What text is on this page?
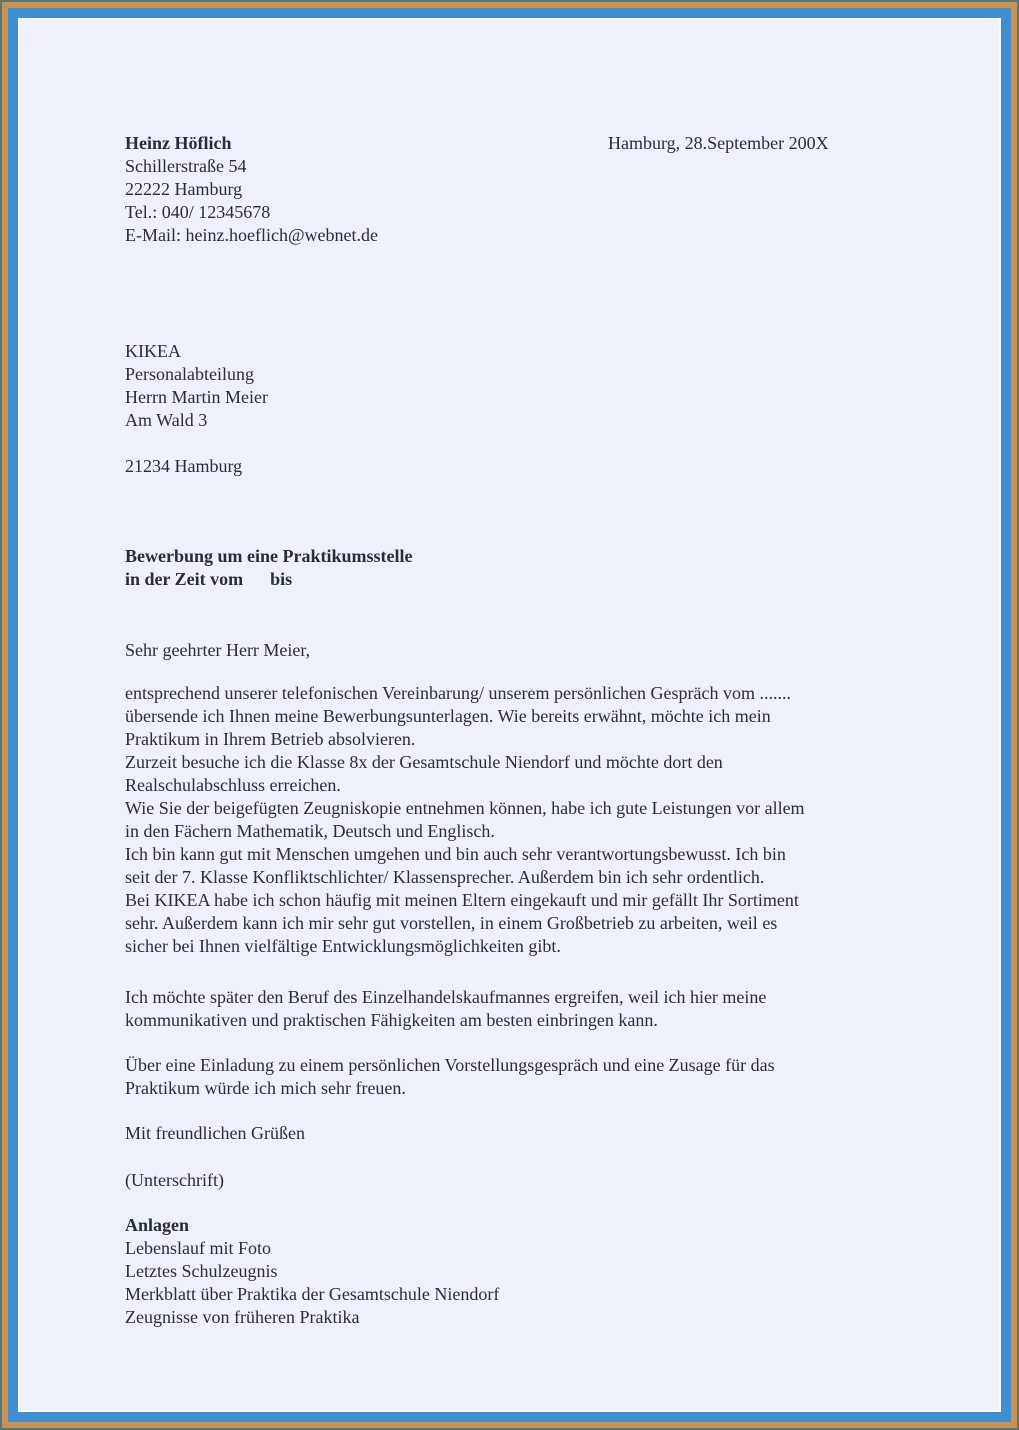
Heinz Höflich
Schillerstraße 54
22222 Hamburg
Tel.: 040/ 12345678
E-Mail: heinz.hoeflich@webnet.de
Hamburg, 28.September 200X
KIKEA
Personalabteilung
Herrn Martin Meier
Am Wald 3
21234 Hamburg
Bewerbung um eine Praktikumsstelle
in der Zeit vom      bis
Sehr geehrter Herr Meier,
entsprechend unserer telefonischen Vereinbarung/ unserem persönlichen Gespräch vom .......
übersende ich Ihnen meine Bewerbungsunterlagen. Wie bereits erwähnt, möchte ich mein
Praktikum in Ihrem Betrieb absolvieren.
Zurzeit besuche ich die Klasse 8x der Gesamtschule Niendorf und möchte dort den
Realschulabschluss erreichen.
Wie Sie der beigefügten Zeugniskopie entnehmen können, habe ich gute Leistungen vor allem
in den Fächern Mathematik, Deutsch und Englisch.
Ich bin kann gut mit Menschen umgehen und bin auch sehr verantwortungsbewusst. Ich bin
seit der 7. Klasse Konfliktschlichter/ Klassensprecher. Außerdem bin ich sehr ordentlich.
Bei KIKEA habe ich schon häufig mit meinen Eltern eingekauft und mir gefällt Ihr Sortiment
sehr. Außerdem kann ich mir sehr gut vorstellen, in einem Großbetrieb zu arbeiten, weil es
sicher bei Ihnen vielfältige Entwicklungsmöglichkeiten gibt.
Ich möchte später den Beruf des Einzelhandelskaufmannes ergreifen, weil ich hier meine
kommunikativen und praktischen Fähigkeiten am besten einbringen kann.
Über eine Einladung zu einem persönlichen Vorstellungsgespräch und eine Zusage für das
Praktikum würde ich mich sehr freuen.
Mit freundlichen Grüßen
(Unterschrift)
Anlagen
Lebenslauf mit Foto
Letztes Schulzeugnis
Merkblatt über Praktika der Gesamtschule Niendorf
Zeugnisse von früheren Praktika
